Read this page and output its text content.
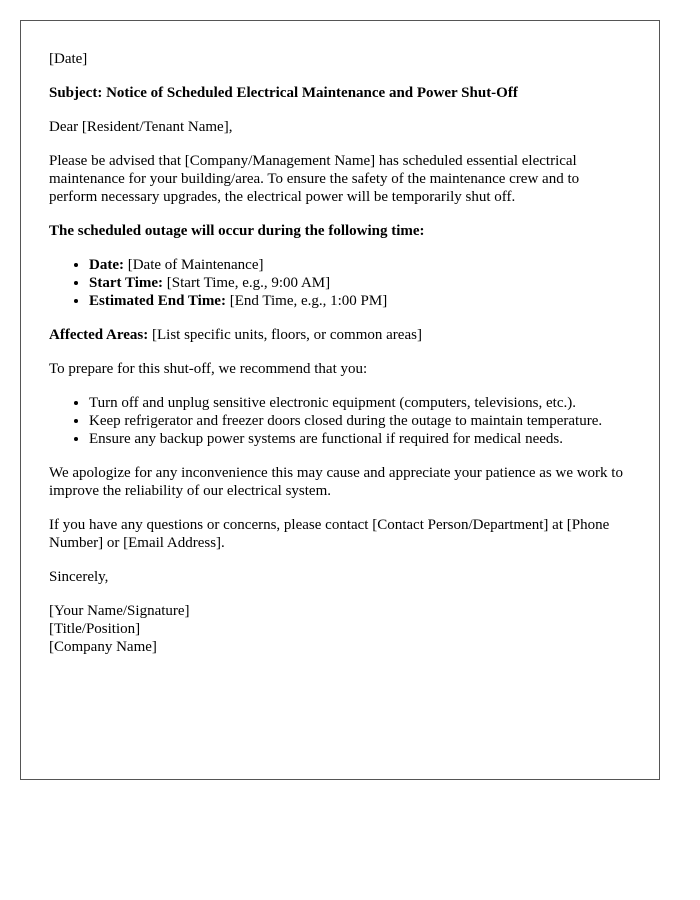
[Date]

Subject: Notice of Scheduled Electrical Maintenance and Power Shut-Off

Dear [Resident/Tenant Name],

Please be advised that [Company/Management Name] has scheduled essential electrical maintenance for your building/area. To ensure the safety of the maintenance crew and to perform necessary upgrades, the electrical power will be temporarily shut off.

The scheduled outage will occur during the following time:

• Date: [Date of Maintenance]
• Start Time: [Start Time, e.g., 9:00 AM]
• Estimated End Time: [End Time, e.g., 1:00 PM]

Affected Areas: [List specific units, floors, or common areas]

To prepare for this shut-off, we recommend that you:

• Turn off and unplug sensitive electronic equipment (computers, televisions, etc.).
• Keep refrigerator and freezer doors closed during the outage to maintain temperature.
• Ensure any backup power systems are functional if required for medical needs.

We apologize for any inconvenience this may cause and appreciate your patience as we work to improve the reliability of our electrical system.

If you have any questions or concerns, please contact [Contact Person/Department] at [Phone Number] or [Email Address].

Sincerely,

[Your Name/Signature]
[Title/Position]
[Company Name]
